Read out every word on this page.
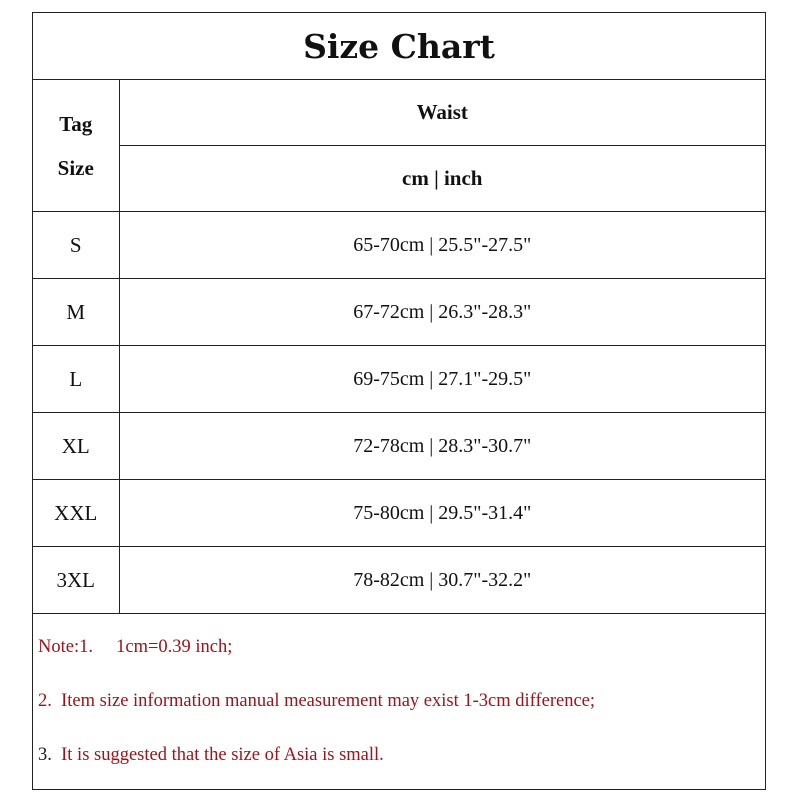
Size Chart
Tag
Size	Waist
	cm | inch
S	65-70cm | 25.5"-27.5"
M	67-72cm | 26.3"-28.3"
L	69-75cm | 27.1"-29.5"
XL	72-78cm | 28.3"-30.7"
XXL	75-80cm | 29.5"-31.4"
3XL	78-82cm | 30.7"-32.2"
Note:1. 1cm=0.39 inch;
2. Item size information manual measurement may exist 1-3cm difference;
3. It is suggested that the size of Asia is small.
